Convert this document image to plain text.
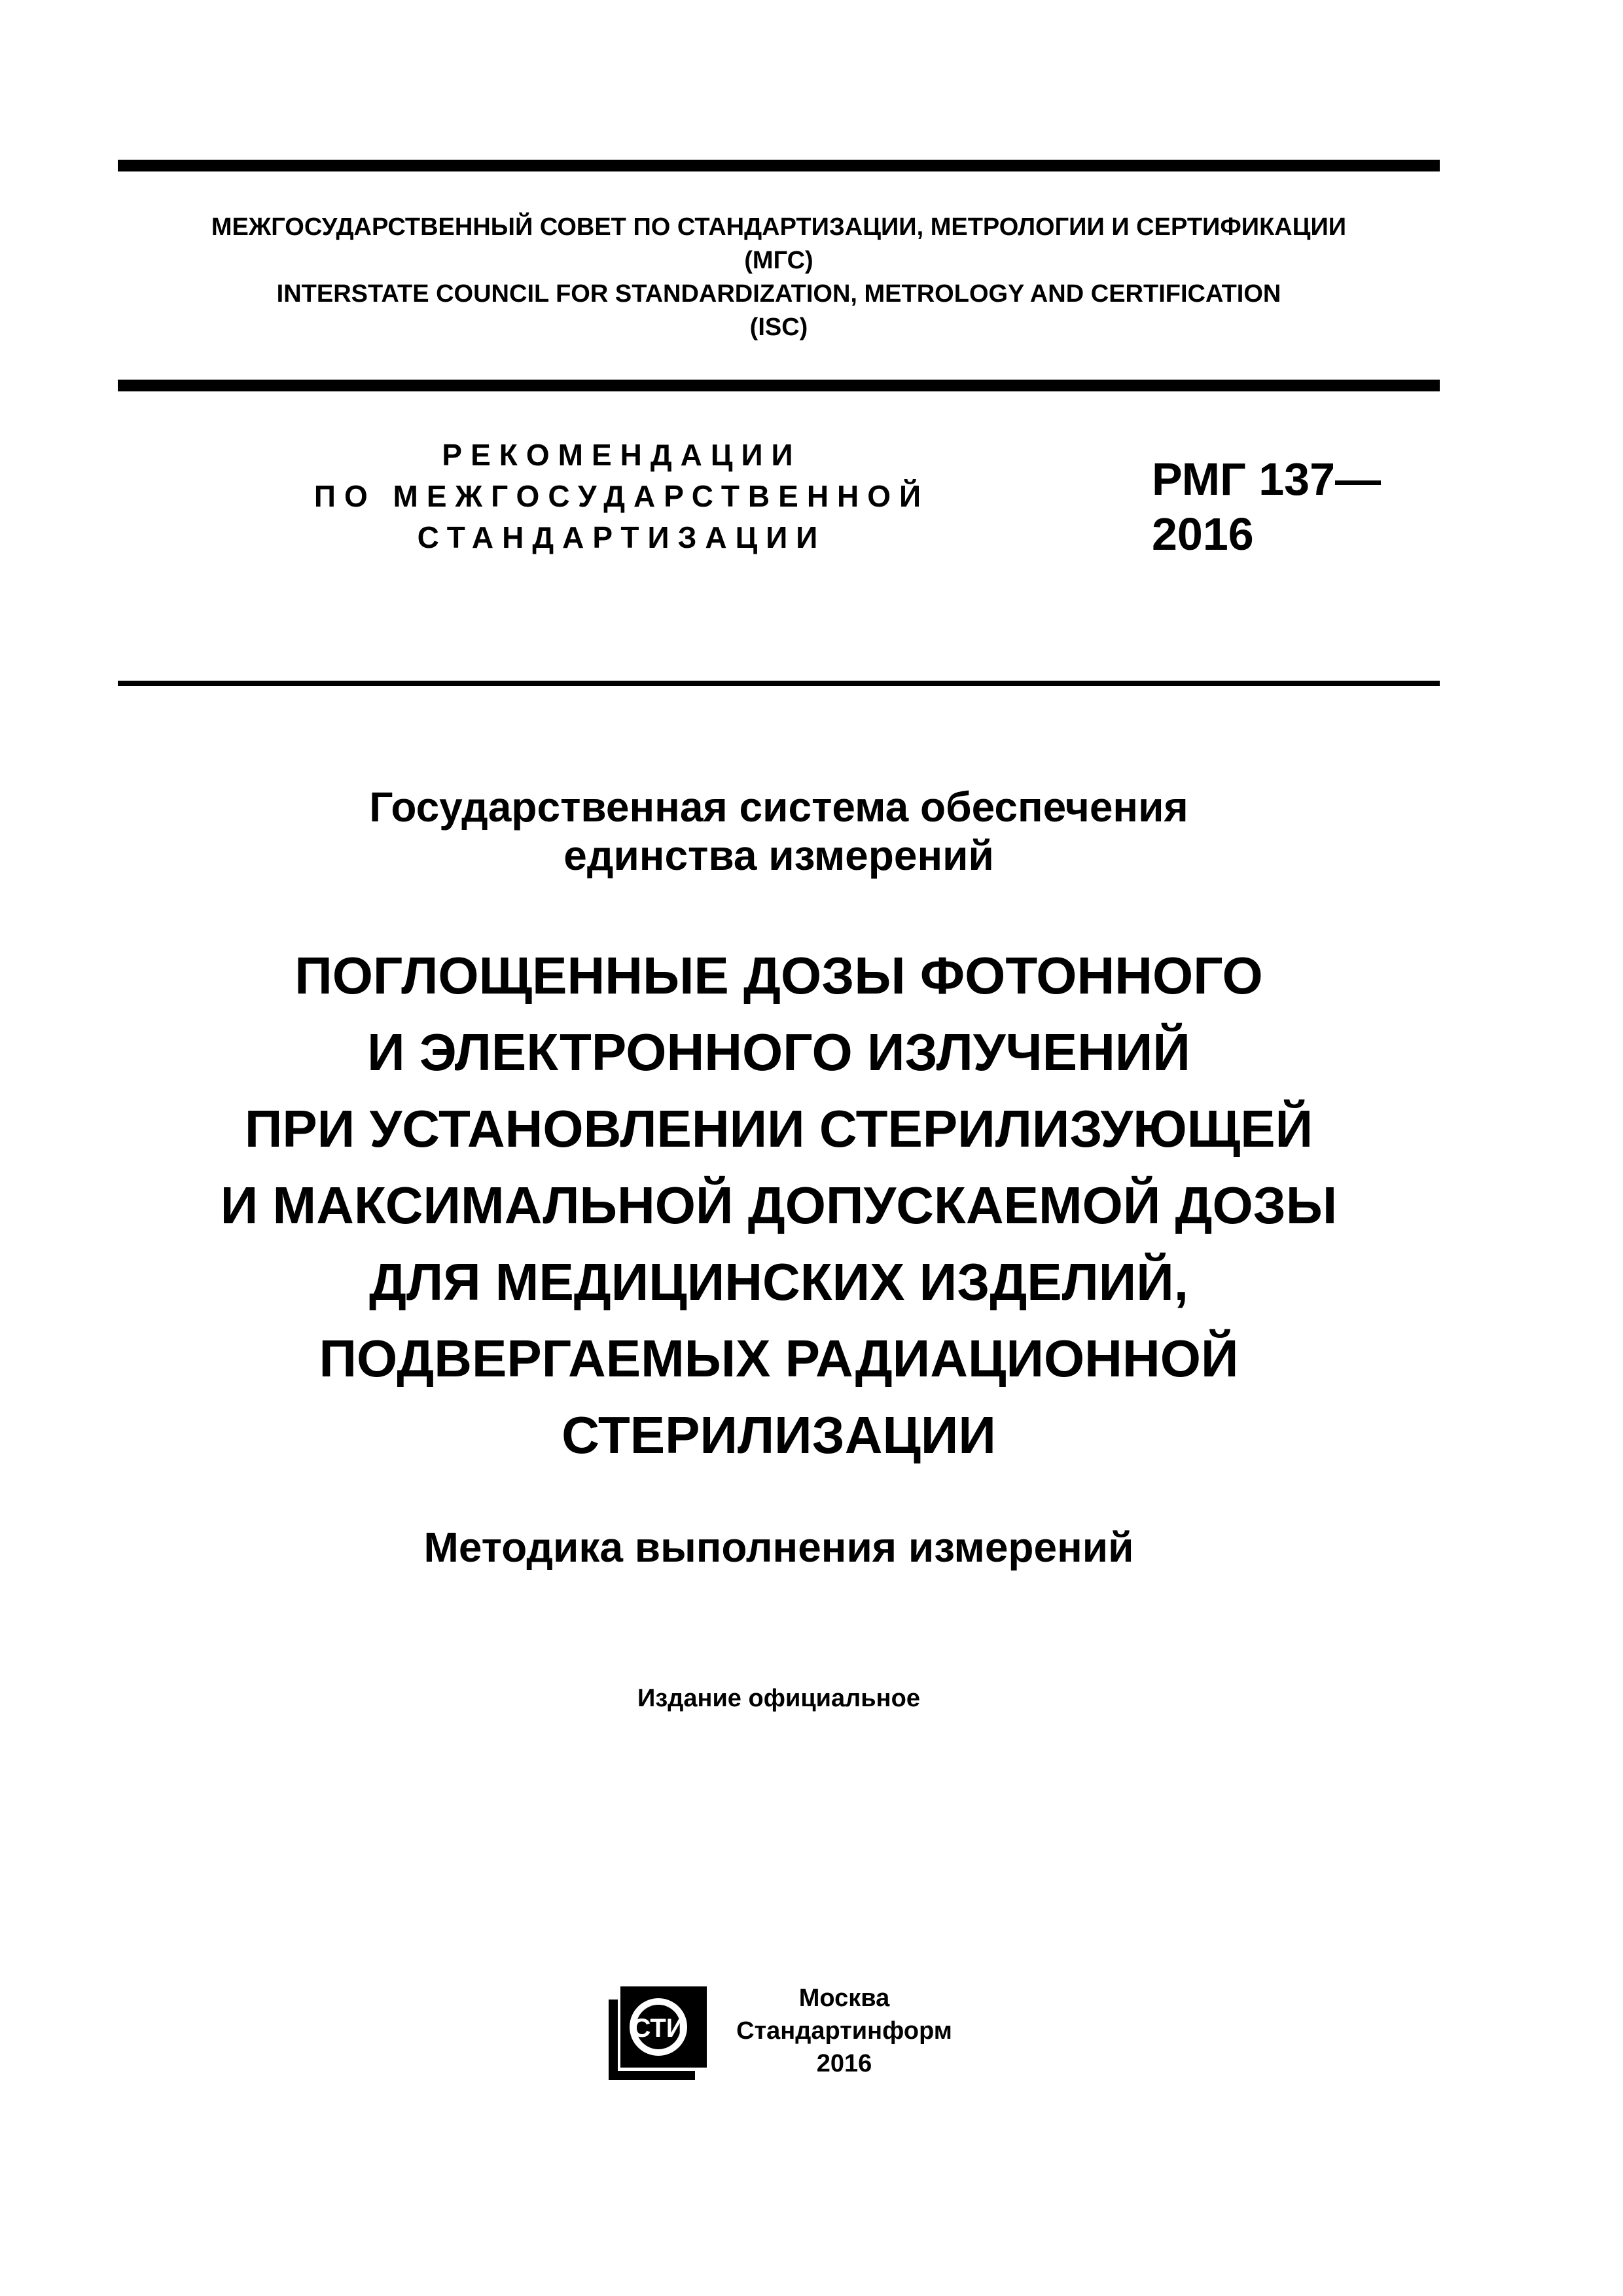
МЕЖГОСУДАРСТВЕННЫЙ СОВЕТ ПО СТАНДАРТИЗАЦИИ, МЕТРОЛОГИИ И СЕРТИФИКАЦИИ
(МГС)
INTERSTATE COUNCIL FOR STANDARDIZATION, METROLOGY AND CERTIFICATION
(ISC)
РЕКОМЕНДАЦИИ
ПО МЕЖГОСУДАРСТВЕННОЙ
СТАНДАРТИЗАЦИИ
РМГ 137—
2016
Государственная система обеспечения
единства измерений
ПОГЛОЩЕННЫЕ ДОЗЫ ФОТОННОГО
И ЭЛЕКТРОННОГО ИЗЛУЧЕНИЙ
ПРИ УСТАНОВЛЕНИИ СТЕРИЛИЗУЮЩЕЙ
И МАКСИМАЛЬНОЙ ДОПУСКАЕМОЙ ДОЗЫ
ДЛЯ МЕДИЦИНСКИХ ИЗДЕЛИЙ,
ПОДВЕРГАЕМЫХ РАДИАЦИОННОЙ
СТЕРИЛИЗАЦИИ
Методика выполнения измерений
Издание официальное
СТИ
Москва
Стандартинформ
2016
